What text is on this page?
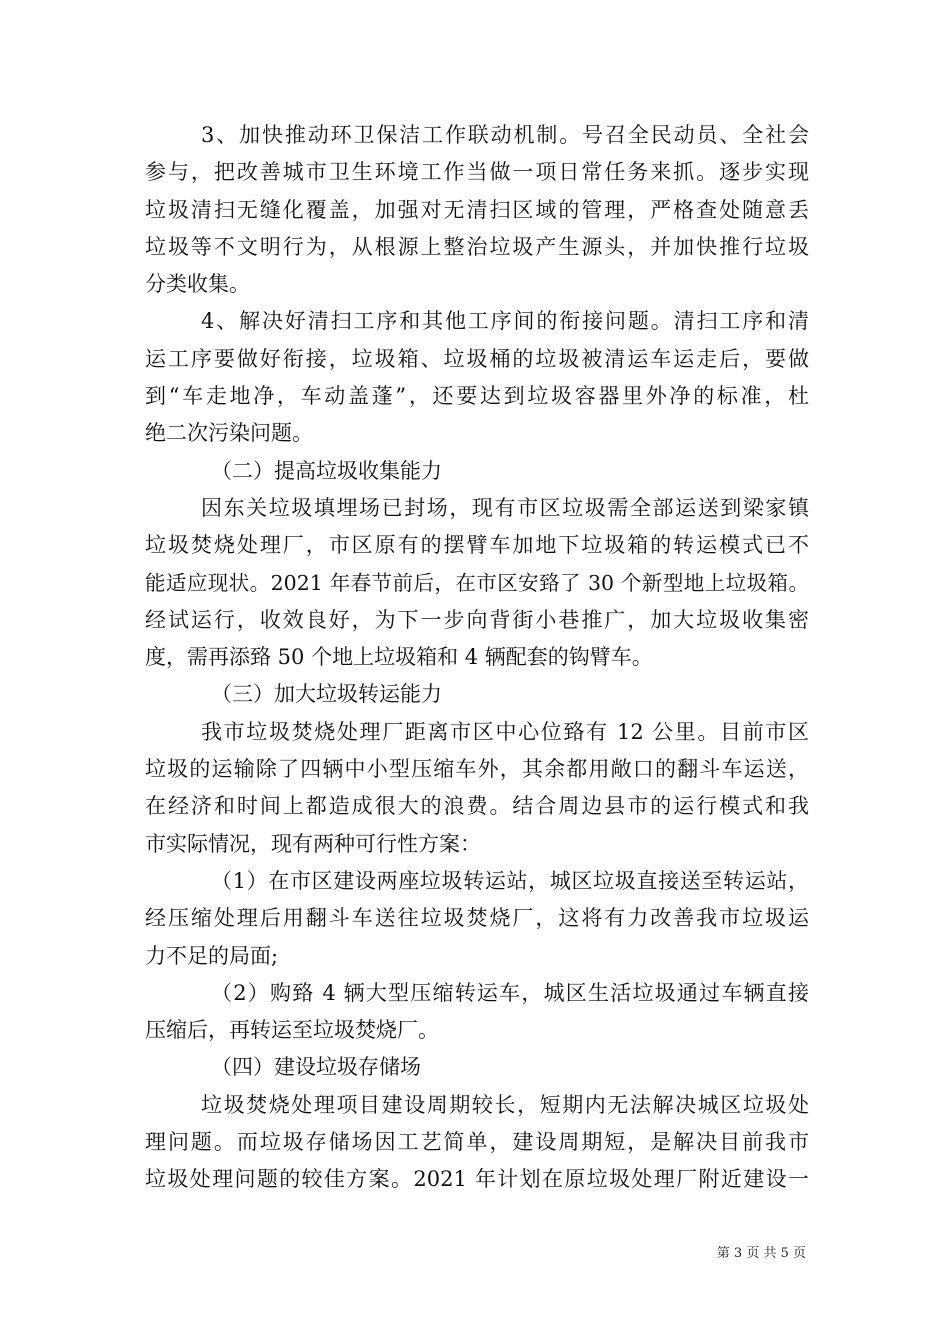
3、加快推动环卫保洁工作联动机制。号召全民动员、全社会
参与，把改善城市卫生环境工作当做一项日常任务来抓。逐步实现
垃圾清扫无缝化覆盖，加强对无清扫区域的管理，严格查处随意丢
垃圾等不文明行为，从根源上整治垃圾产生源头，并加快推行垃圾
分类收集。
4、解决好清扫工序和其他工序间的衔接问题。清扫工序和清
运工序要做好衔接，垃圾箱、垃圾桶的垃圾被清运车运走后，要做
到“车走地净，车动盖蓬”，还要达到垃圾容器里外净的标准，杜
绝二次污染问题。
（二）提高垃圾收集能力
因东关垃圾填埋场已封场，现有市区垃圾需全部运送到梁家镇
垃圾焚烧处理厂，市区原有的摆臂车加地下垃圾箱的转运模式已不
能适应现状。2021 年春节前后，在市区安臵了 30 个新型地上垃圾箱。
经试运行，收效良好，为下一步向背街小巷推广，加大垃圾收集密
度，需再添臵 50 个地上垃圾箱和 4 辆配套的钩臂车。
（三）加大垃圾转运能力
我市垃圾焚烧处理厂距离市区中心位臵有 12 公里。目前市区
垃圾的运输除了四辆中小型压缩车外，其余都用敞口的翻斗车运送，
在经济和时间上都造成很大的浪费。结合周边县市的运行模式和我
市实际情况，现有两种可行性方案：
（1）在市区建设两座垃圾转运站，城区垃圾直接送至转运站，
经压缩处理后用翻斗车送往垃圾焚烧厂，这将有力改善我市垃圾运
力不足的局面;
（2）购臵 4 辆大型压缩转运车，城区生活垃圾通过车辆直接
压缩后，再转运至垃圾焚烧厂。
（四）建设垃圾存储场
垃圾焚烧处理项目建设周期较长，短期内无法解决城区垃圾处
理问题。而垃圾存储场因工艺简单，建设周期短，是解决目前我市
垃圾处理问题的较佳方案。2021 年计划在原垃圾处理厂附近建设一
第 3 页 共 5 页
